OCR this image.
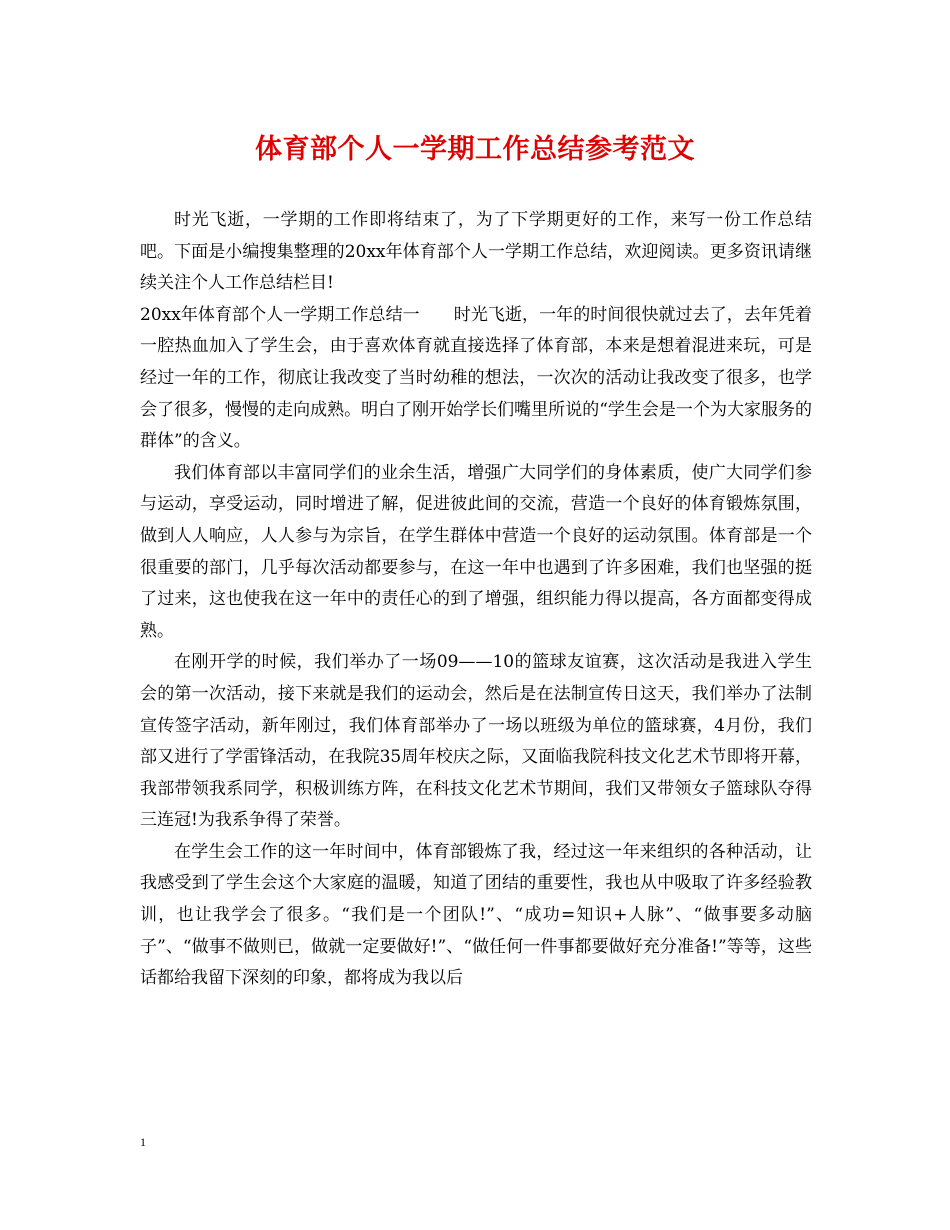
体育部个人一学期工作总结参考范文

时光飞逝，一学期的工作即将结束了，为了下学期更好的工作，来写一份工作总结吧。下面是小编搜集整理的20xx年体育部个人一学期工作总结，欢迎阅读。更多资讯请继续关注个人工作总结栏目!

20xx年体育部个人一学期工作总结一　　时光飞逝，一年的时间很快就过去了，去年凭着一腔热血加入了学生会，由于喜欢体育就直接选择了体育部，本来是想着混进来玩，可是经过一年的工作，彻底让我改变了当时幼稚的想法，一次次的活动让我改变了很多，也学会了很多，慢慢的走向成熟。明白了刚开始学长们嘴里所说的“学生会是一个为大家服务的群体”的含义。

我们体育部以丰富同学们的业余生活，增强广大同学们的身体素质，使广大同学们参与运动，享受运动，同时增进了解，促进彼此间的交流，营造一个良好的体育锻炼氛围，做到人人响应，人人参与为宗旨，在学生群体中营造一个良好的运动氛围。体育部是一个很重要的部门，几乎每次活动都要参与，在这一年中也遇到了许多困难，我们也坚强的挺了过来，这也使我在这一年中的责任心的到了增强，组织能力得以提高，各方面都变得成熟。

在刚开学的时候，我们举办了一场09——10的篮球友谊赛，这次活动是我进入学生会的第一次活动，接下来就是我们的运动会，然后是在法制宣传日这天，我们举办了法制宣传签字活动，新年刚过，我们体育部举办了一场以班级为单位的篮球赛，4月份，我们部又进行了学雷锋活动，在我院35周年校庆之际，又面临我院科技文化艺术节即将开幕，我部带领我系同学，积极训练方阵，在科技文化艺术节期间，我们又带领女子篮球队夺得三连冠!为我系争得了荣誉。

在学生会工作的这一年时间中，体育部锻炼了我，经过这一年来组织的各种活动，让我感受到了学生会这个大家庭的温暖，知道了团结的重要性，我也从中吸取了许多经验教训，也让我学会了很多。“我们是一个团队!”、“成功=知识+人脉”、“做事要多动脑子”、“做事不做则已，做就一定要做好!”、“做任何一件事都要做好充分准备!”等等，这些话都给我留下深刻的印象，都将成为我以后

1
